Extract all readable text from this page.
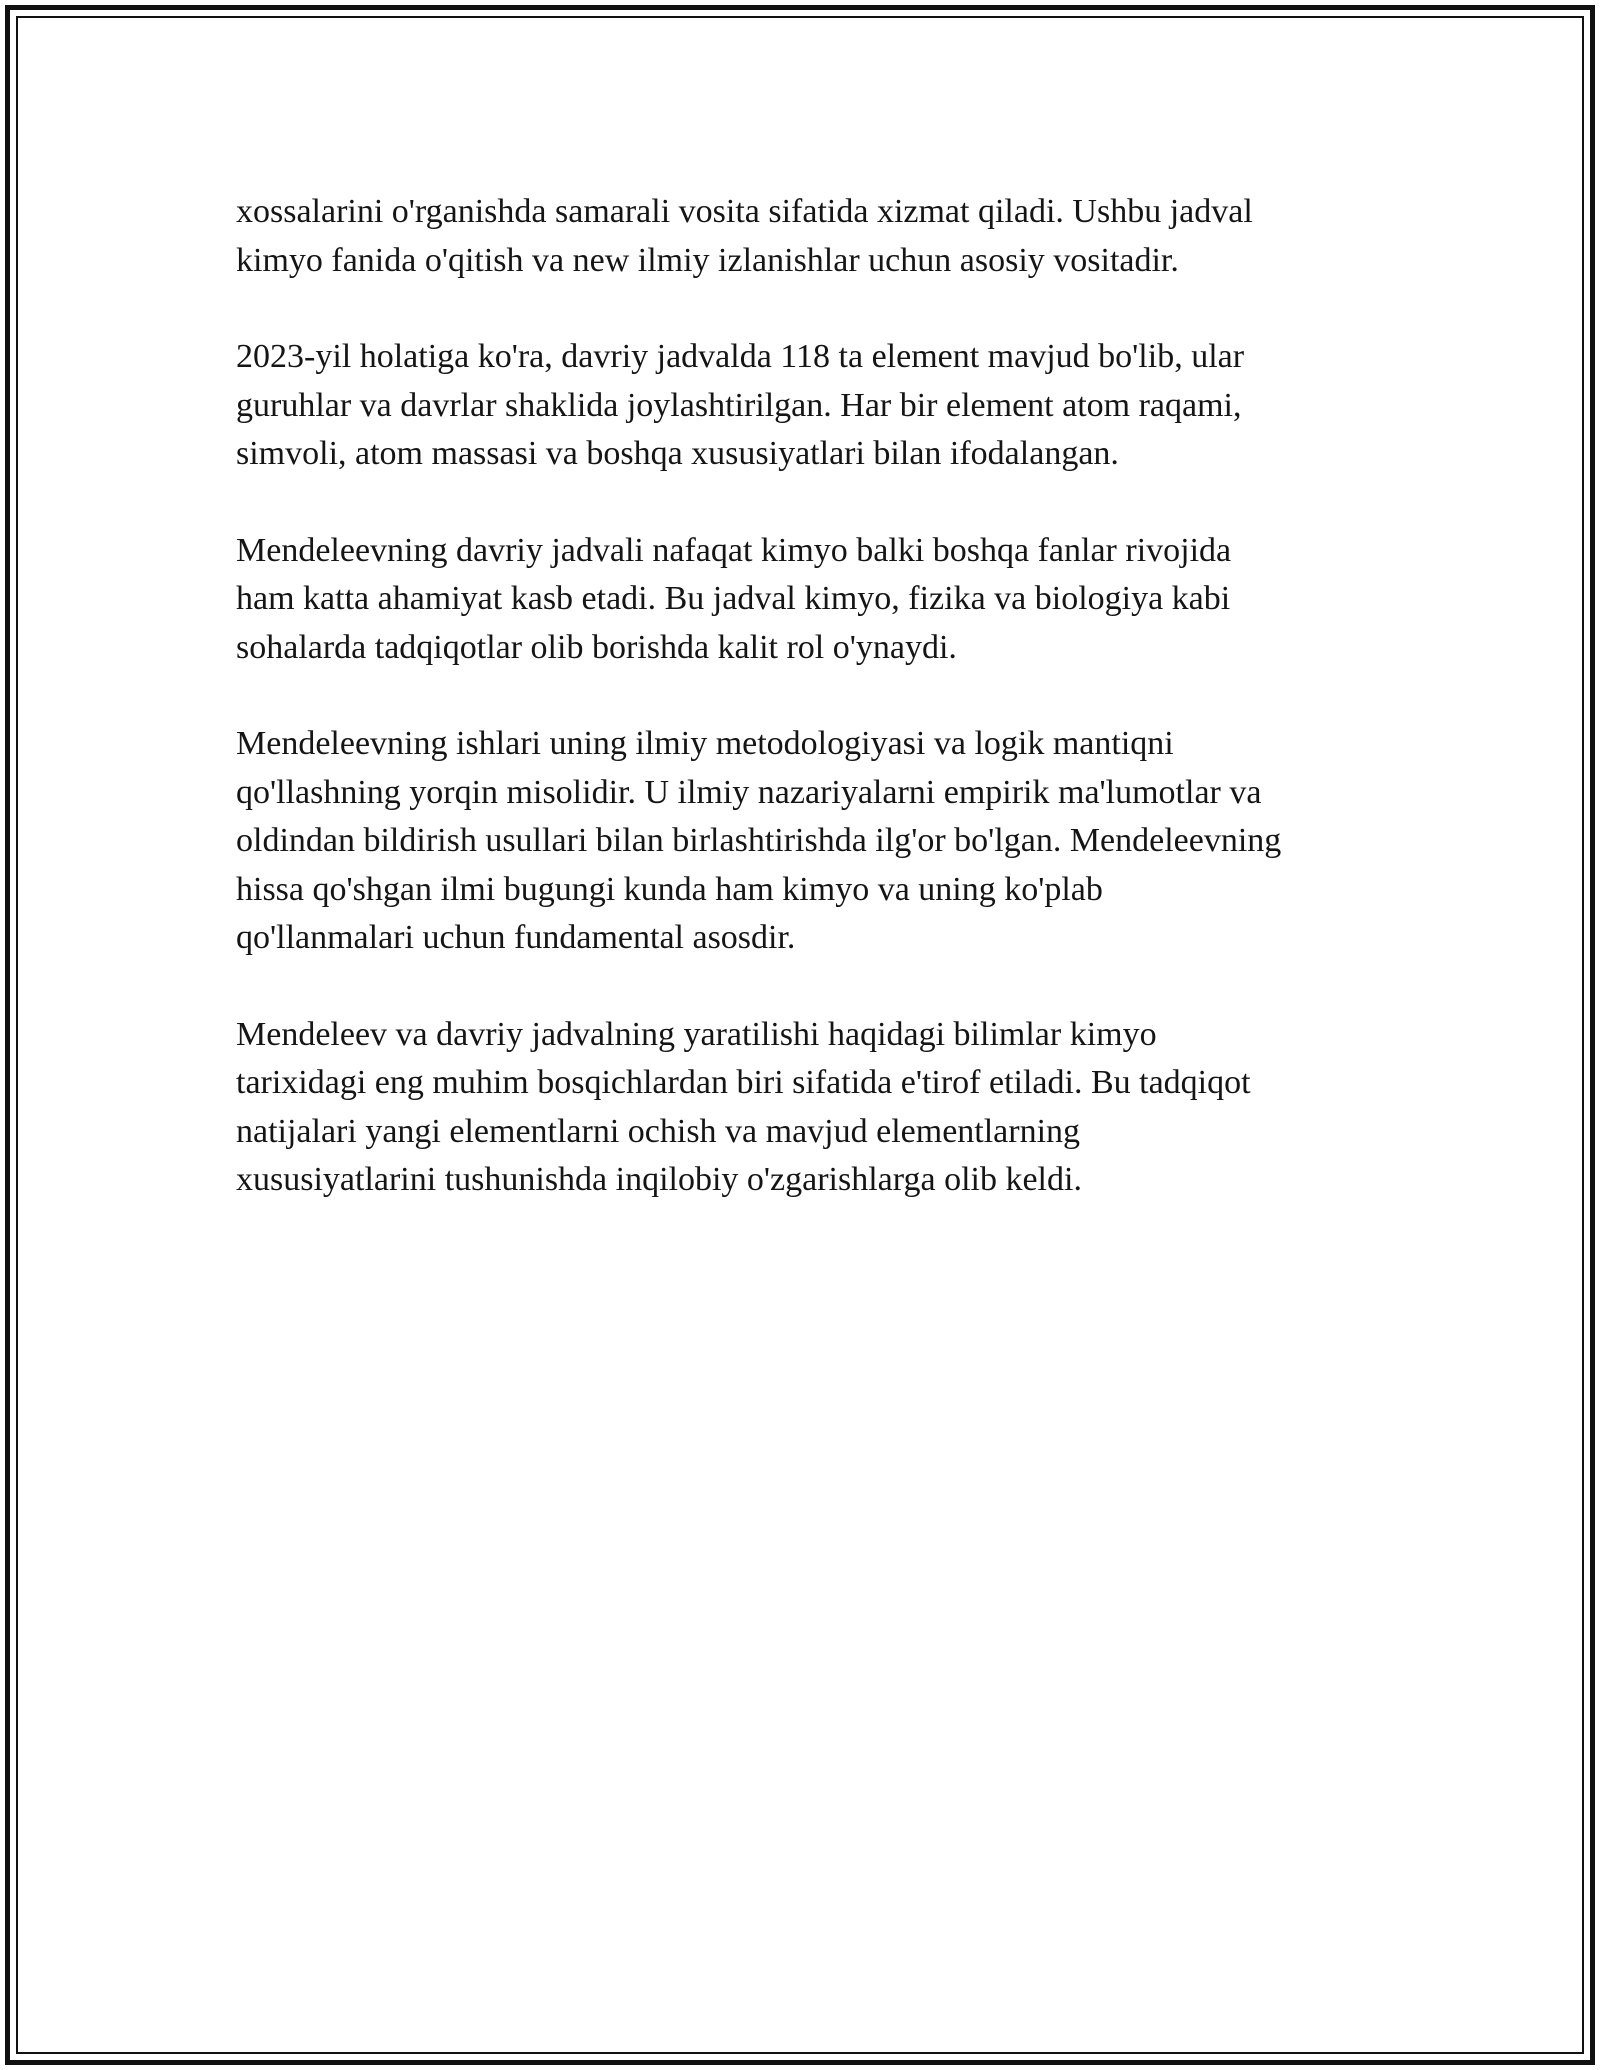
xossalarini o'rganishda samarali vosita sifatida xizmat qiladi. Ushbu jadval
kimyo fanida o'qitish va new ilmiy izlanishlar uchun asosiy vositadir.

2023-yil holatiga ko'ra, davriy jadvalda 118 ta element mavjud bo'lib, ular
guruhlar va davrlar shaklida joylashtirilgan. Har bir element atom raqami,
simvoli, atom massasi va boshqa xususiyatlari bilan ifodalangan.

Mendeleevning davriy jadvali nafaqat kimyo balki boshqa fanlar rivojida
ham katta ahamiyat kasb etadi. Bu jadval kimyo, fizika va biologiya kabi
sohalarda tadqiqotlar olib borishda kalit rol o'ynaydi.

Mendeleevning ishlari uning ilmiy metodologiyasi va logik mantiqni
qo'llashning yorqin misolidir. U ilmiy nazariyalarni empirik ma'lumotlar va
oldindan bildirish usullari bilan birlashtirishda ilg'or bo'lgan. Mendeleevning
hissa qo'shgan ilmi bugungi kunda ham kimyo va uning ko'plab
qo'llanmalari uchun fundamental asosdir.

Mendeleev va davriy jadvalning yaratilishi haqidagi bilimlar kimyo
tarixidagi eng muhim bosqichlardan biri sifatida e'tirof etiladi. Bu tadqiqot
natijalari yangi elementlarni ochish va mavjud elementlarning
xususiyatlarini tushunishda inqilobiy o'zgarishlarga olib keldi.
